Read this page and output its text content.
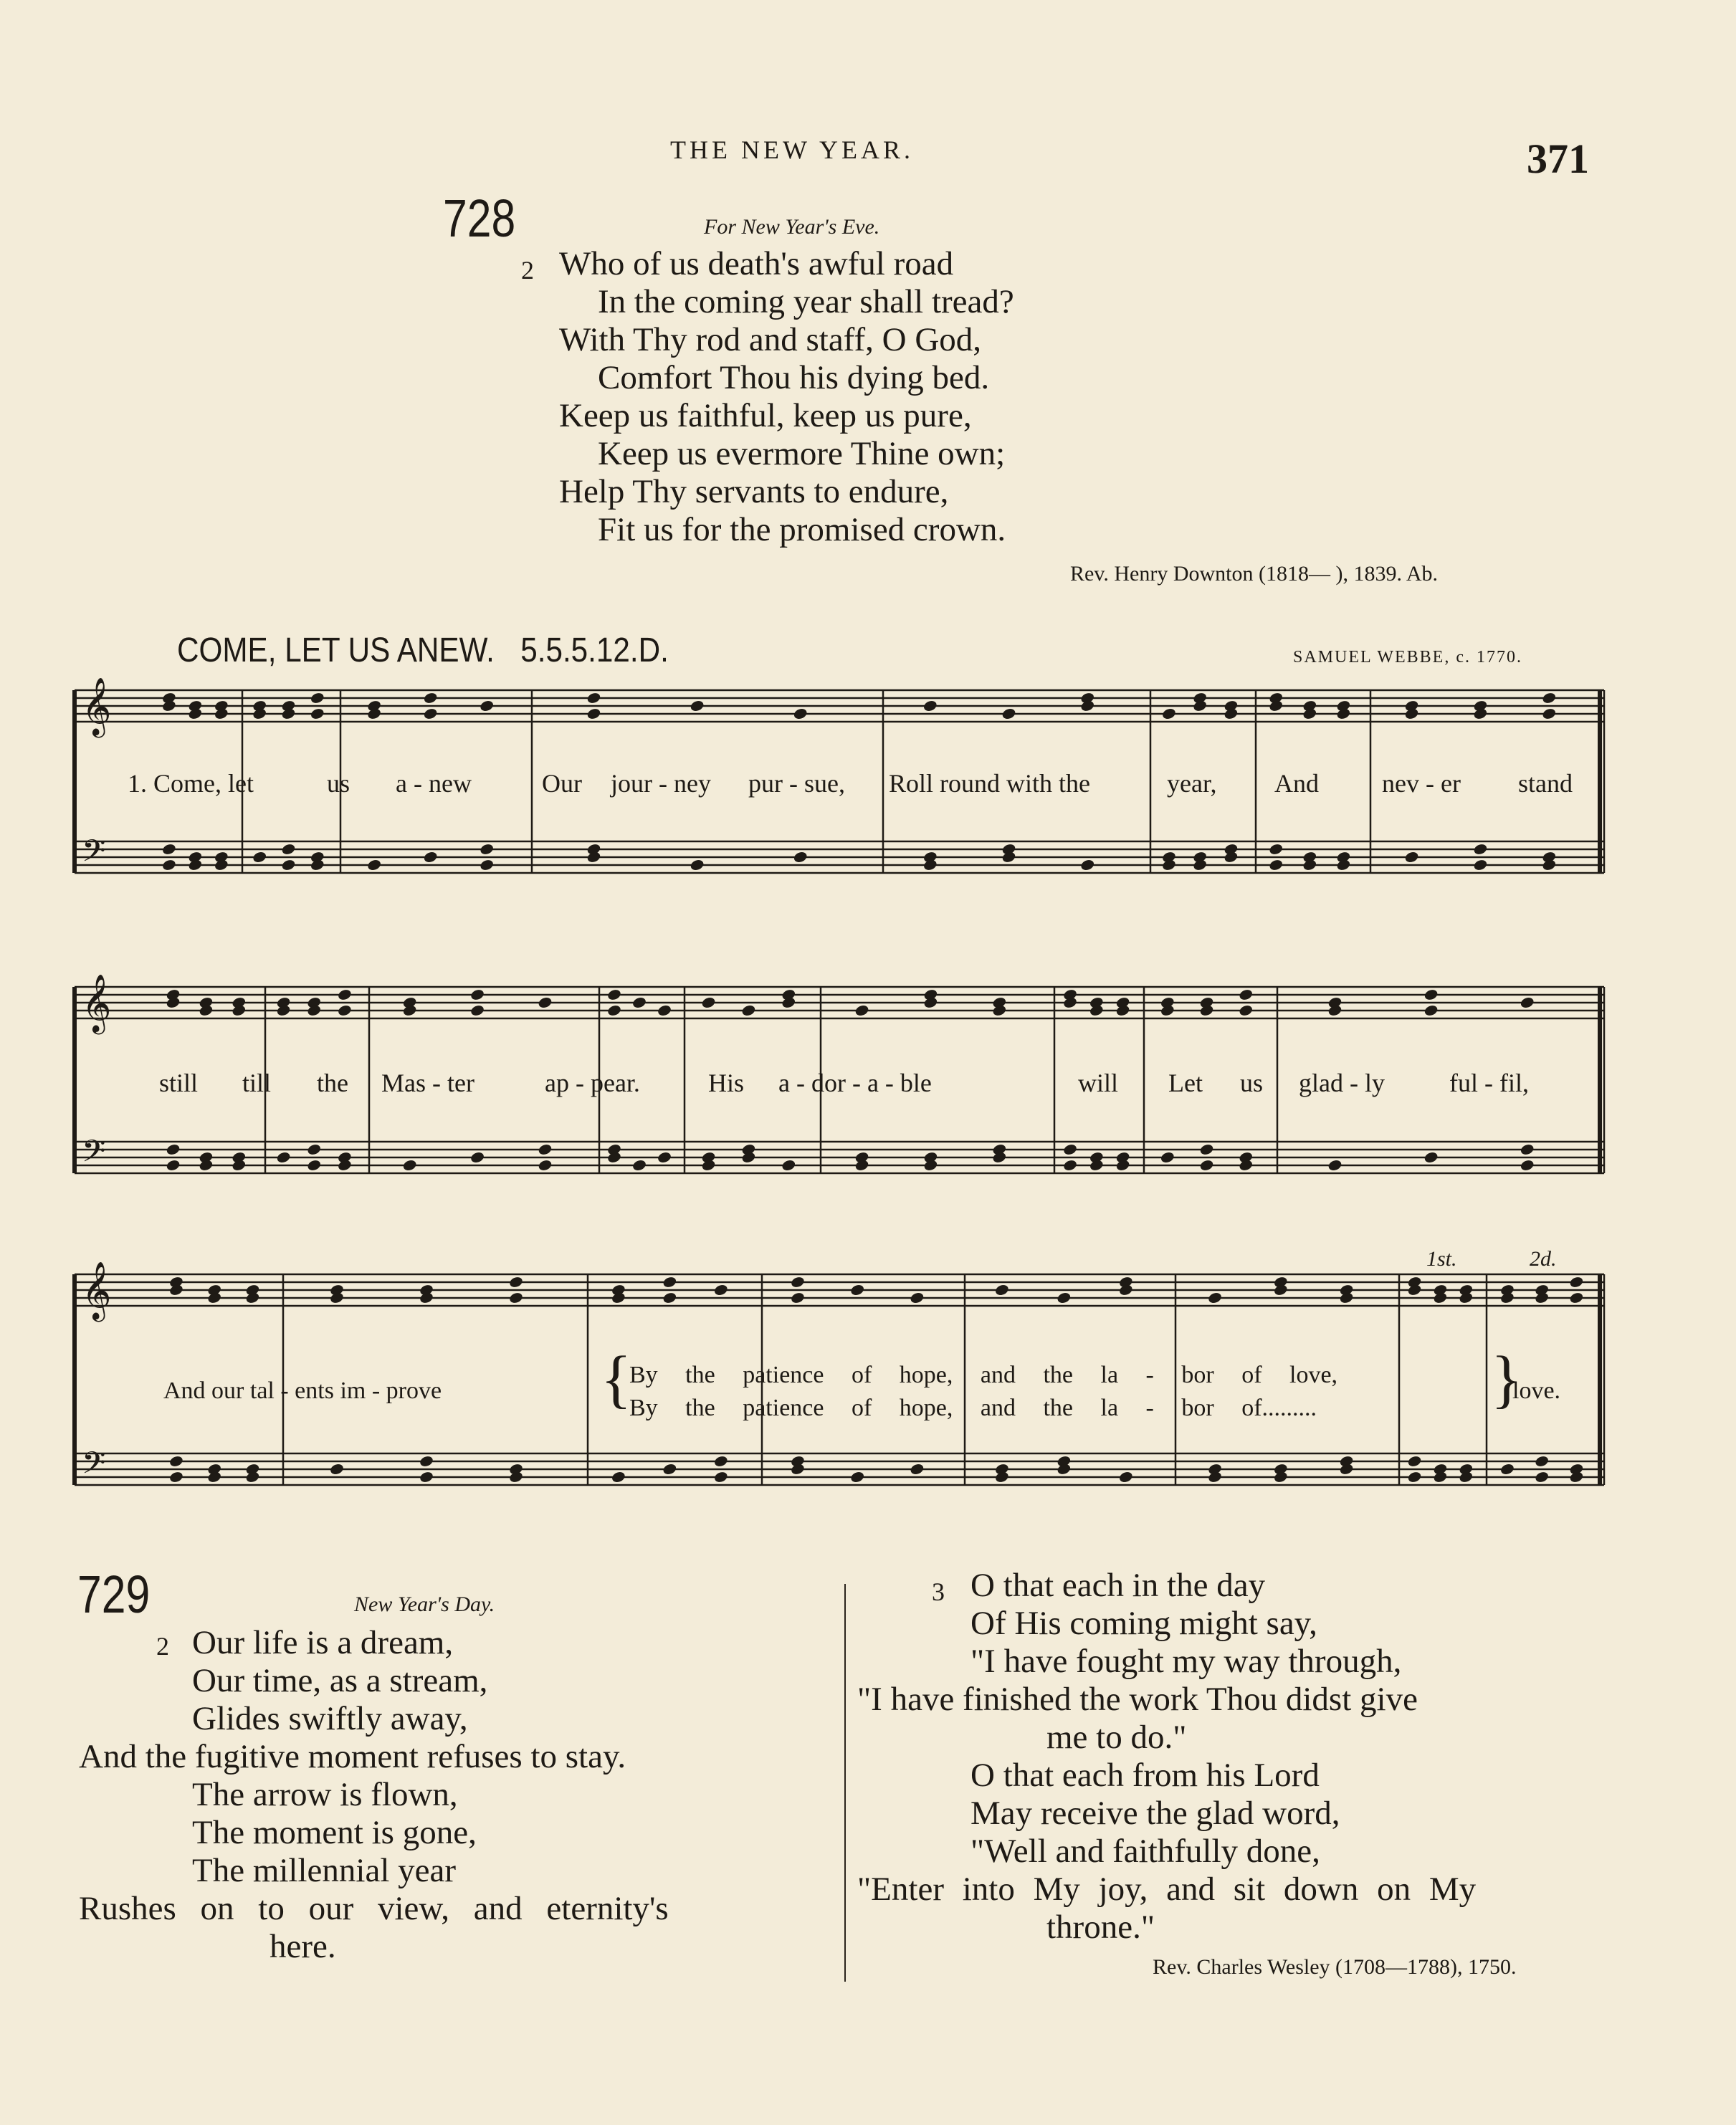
THE NEW YEAR.	371
728	For New Year's Eve.
2 Who of us death's awful road
In the coming year shall tread?
With Thy rod and staff, O God,
Comfort Thou his dying bed.
Keep us faithful, keep us pure,
Keep us evermore Thine own;
Help Thy servants to endure,
Fit us for the promised crown.
Rev. Henry Downton (1818— ), 1839. Ab.
COME, LET US ANEW. 5.5.5.12.D.	SAMUEL WEBBE, c. 1770.
𝄞
𝄢
𝄞
𝄢
𝄞
𝄢
1. Come, let	us a - new	Our jour - ney pur - sue, Roll round with the	year, And nev - er stand
still till the Mas - ter	ap - pear.	His a - dor - a - ble	will Let us glad - ly	ful - fil,
1st.	2d.
And our tal - ents im - prove {
By the patience of hope, and the la - bor of love,
By the patience of hope, and the la - bor of.........	}
love.
729	New Year's Day.
2 Our life is a dream,
Our time, as a stream,
Glides swiftly away,
And the fugitive moment refuses to stay.
The arrow is flown,
The moment is gone,
The millennial year
Rushes on to our view, and eternity's
here.
3 O that each in the day
Of His coming might say,
"I have fought my way through,
"I have finished the work Thou didst give
me to do."
O that each from his Lord
May receive the glad word,
"Well and faithfully done,
"Enter into My joy, and sit down on My
throne."
Rev. Charles Wesley (1708—1788), 1750.
